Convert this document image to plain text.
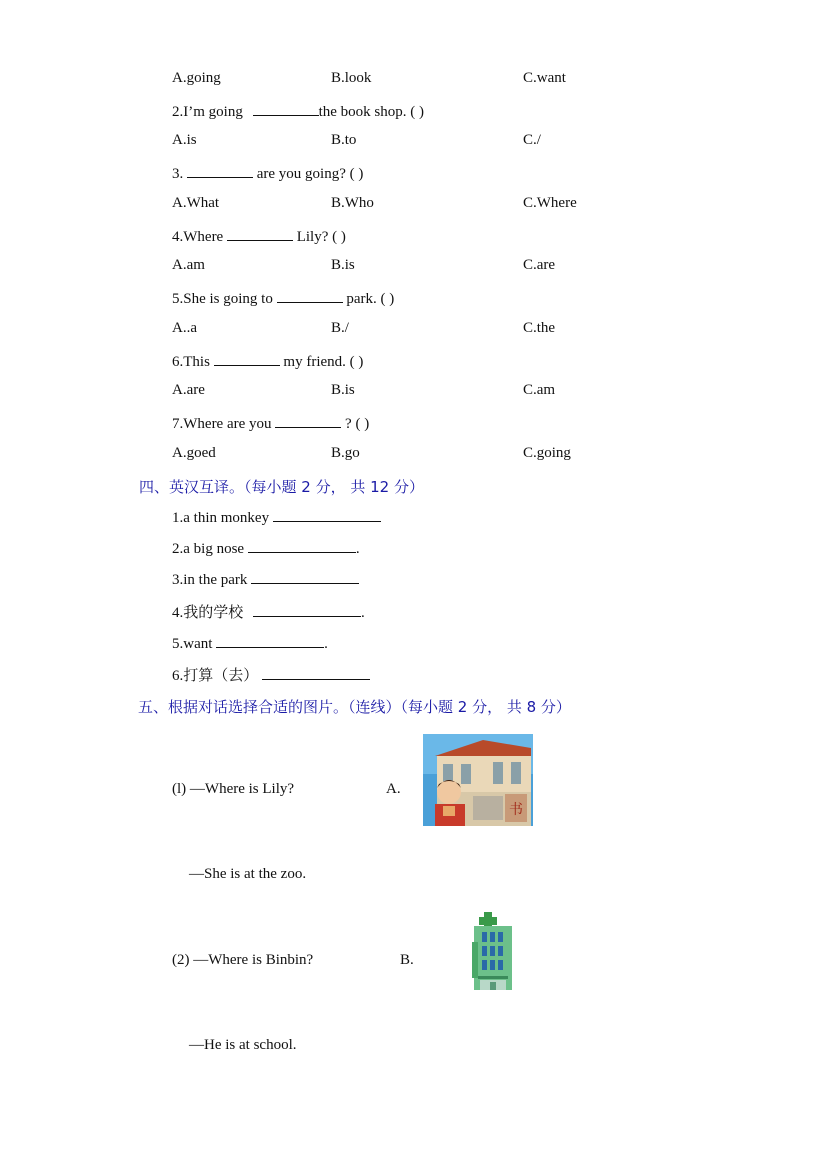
A.going	B.look	C.want
2.I’m going	the book shop. ( )
A.is	B.to	C./
3.	are you going? ( )
A.What	B.Who	C.Where
4.Where	Lily? ( )
A.am	B.is	C.are
5.She is going to	park. ( )
A..a	B./	C.the
6.This	my friend. ( )
A.are	B.is	C.am
7.Where are you	? ( )
A.goed	B.go	C.going
四、英汉互译。（每小题 2 分， 共 12 分）
1.a thin monkey
2.a big nose	.
3.in the park
4.我的学校	.
5.want	.
6.打算（去）
五、根据对话选择合适的图片。（连线）（每小题 2 分， 共 8 分）
(l) —Where is Lily?	A.
书
—She is at the zoo.
(2) —Where is Binbin?	B.
—He is at school.
